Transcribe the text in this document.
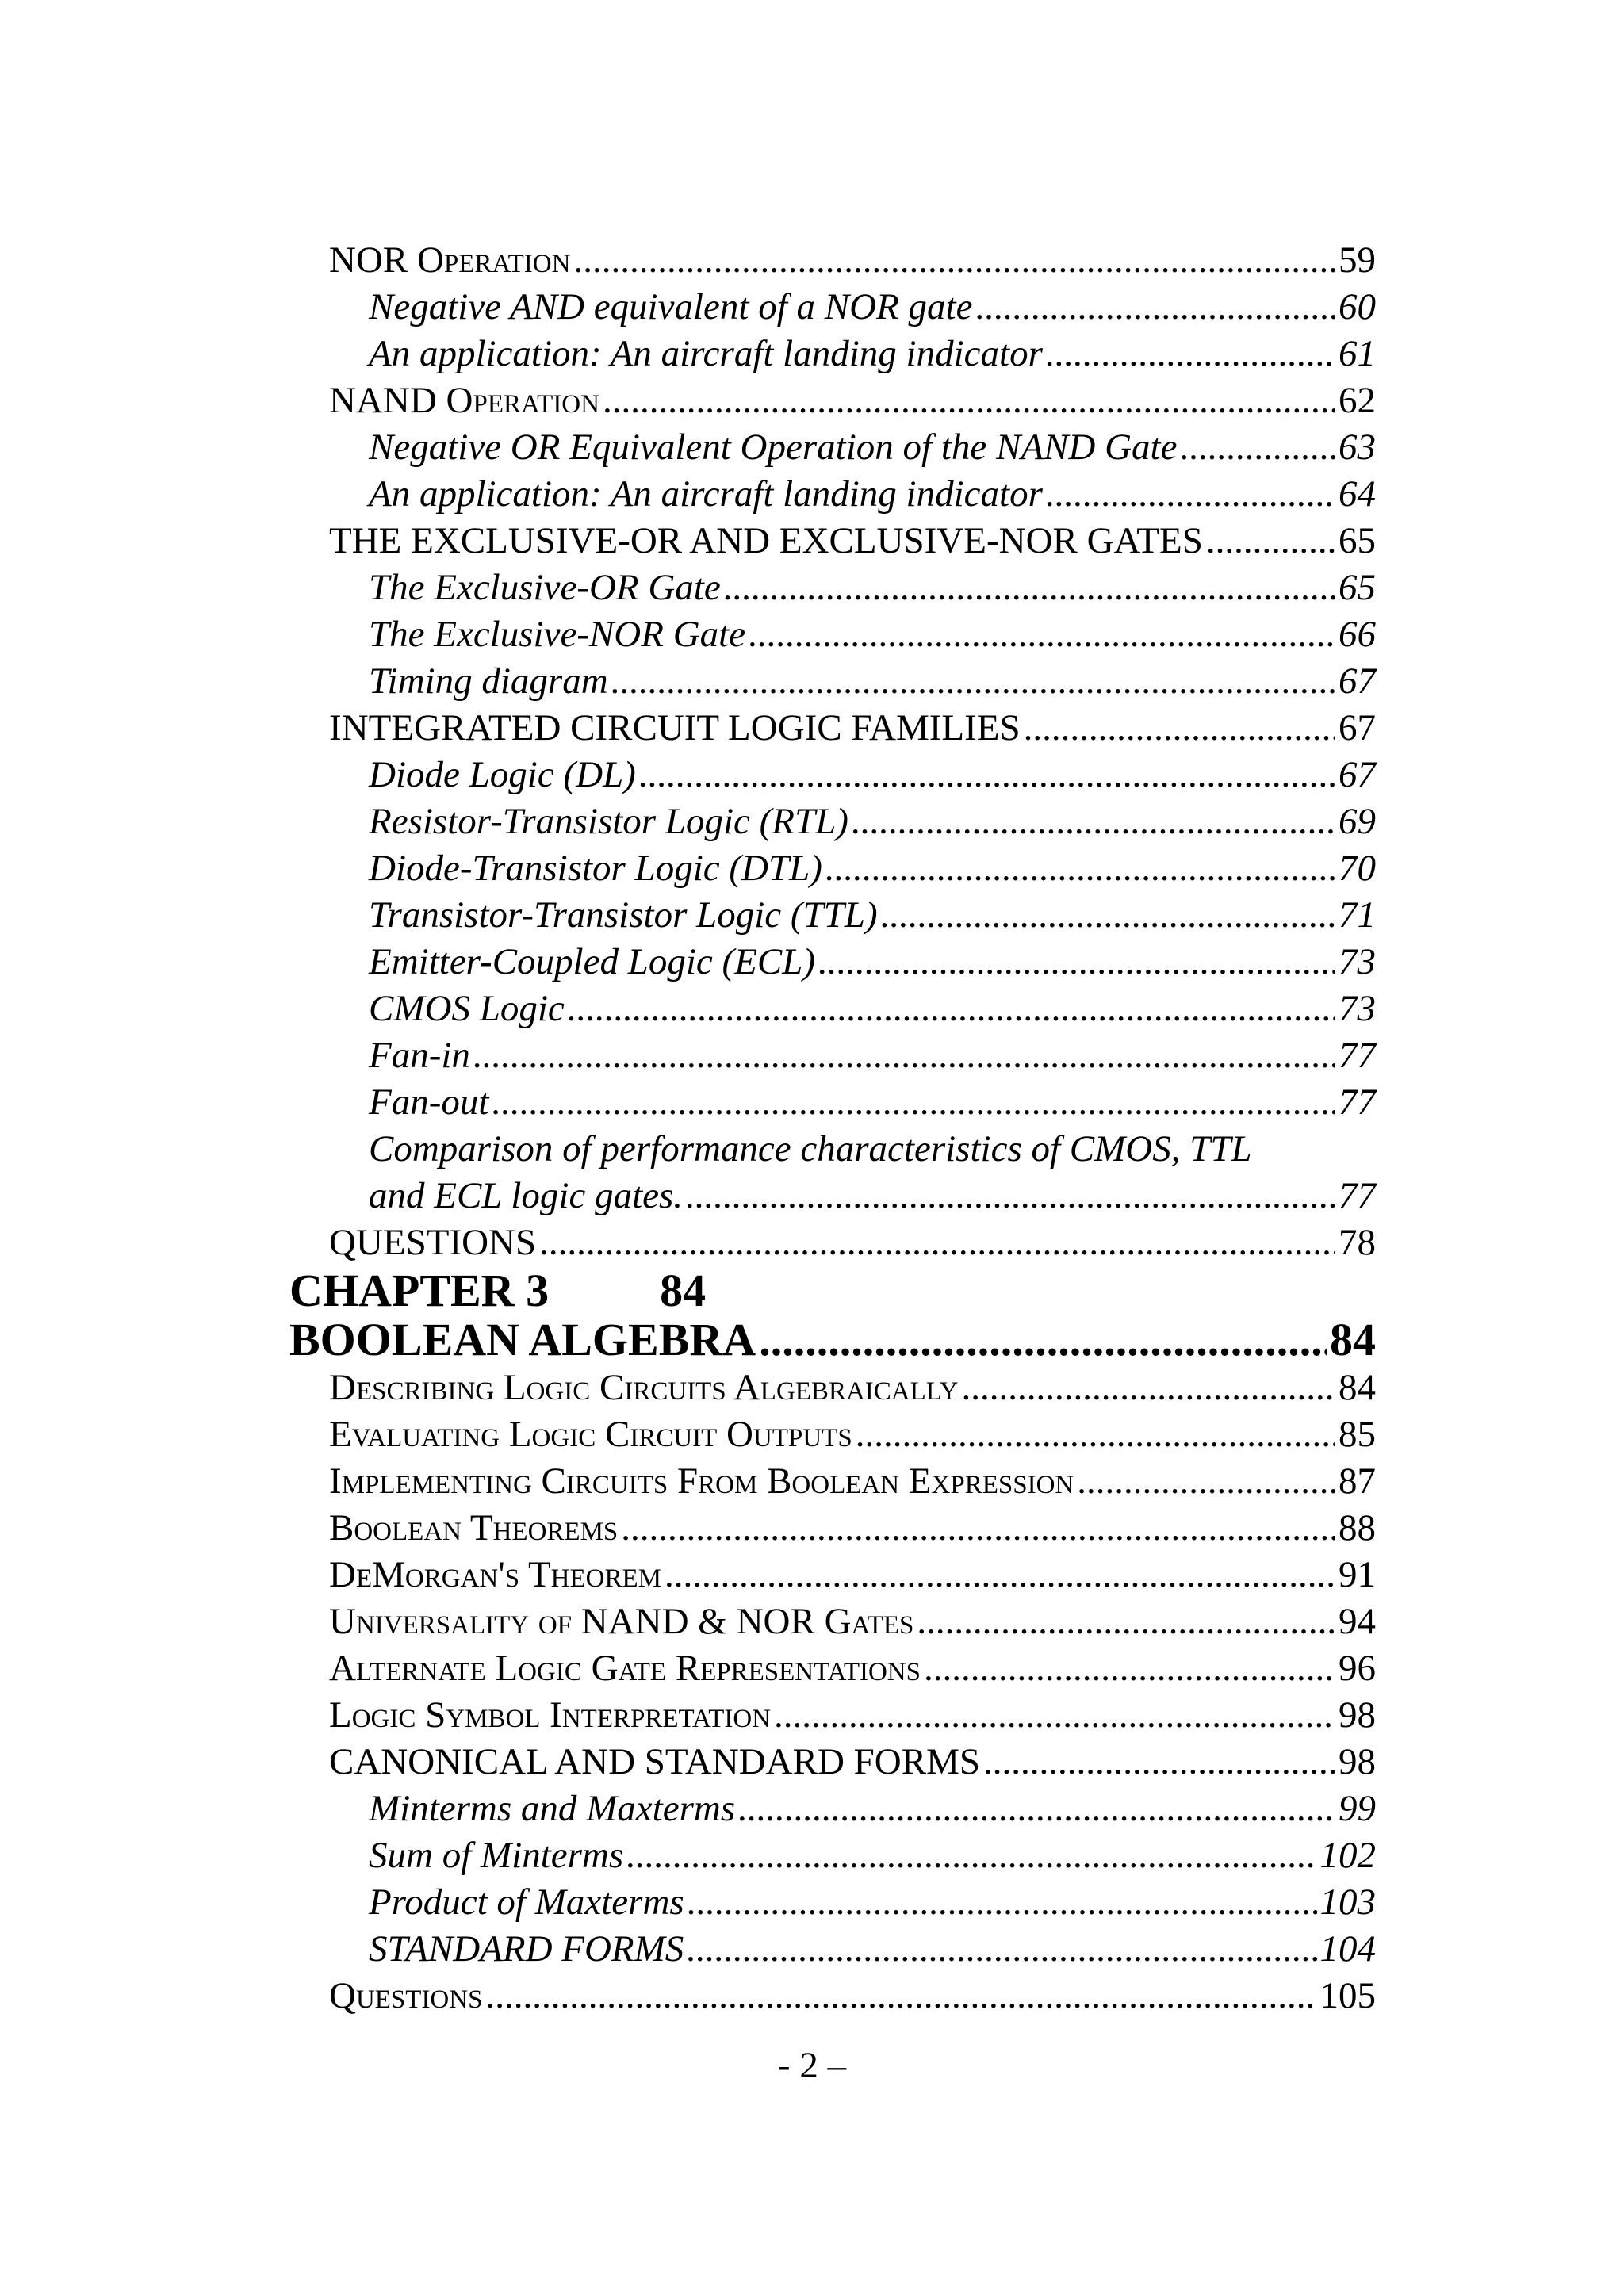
NOR Operation .....	59
Negative AND equivalent of a NOR gate .....	60
An application: An aircraft landing indicator .....	61
NAND Operation .....	62
Negative OR Equivalent Operation of the NAND Gate .....	63
An application: An aircraft landing indicator .....	64
THE EXCLUSIVE-OR AND EXCLUSIVE-NOR GATES .....	65
The Exclusive-OR Gate .....	65
The Exclusive-NOR Gate .....	66
Timing diagram .....	67
INTEGRATED CIRCUIT LOGIC FAMILIES .....	67
Diode Logic (DL) .....	67
Resistor-Transistor Logic (RTL) .....	69
Diode-Transistor Logic (DTL) .....	70
Transistor-Transistor Logic (TTL) .....	71
Emitter-Coupled Logic (ECL) .....	73
CMOS Logic .....	73
Fan-in .....	77
Fan-out .....	77
Comparison of performance characteristics of CMOS, TTL
and ECL logic gates. .....	77
QUESTIONS .....	78
CHAPTER 3 84
BOOLEAN ALGEBRA .....	84
Describing Logic Circuits Algebraically .....	84
Evaluating Logic Circuit Outputs .....	85
Implementing Circuits From Boolean Expression .....	87
Boolean Theorems .....	88
DeMorgan's Theorem .....	91
Universality of NAND & NOR Gates .....	94
Alternate Logic Gate Representations .....	96
Logic Symbol Interpretation .....	98
CANONICAL AND STANDARD FORMS .....	98
Minterms and Maxterms .....	99
Sum of Minterms .....	102
Product of Maxterms .....	103
STANDARD FORMS .....	104
Questions .....	105
- 2 –
